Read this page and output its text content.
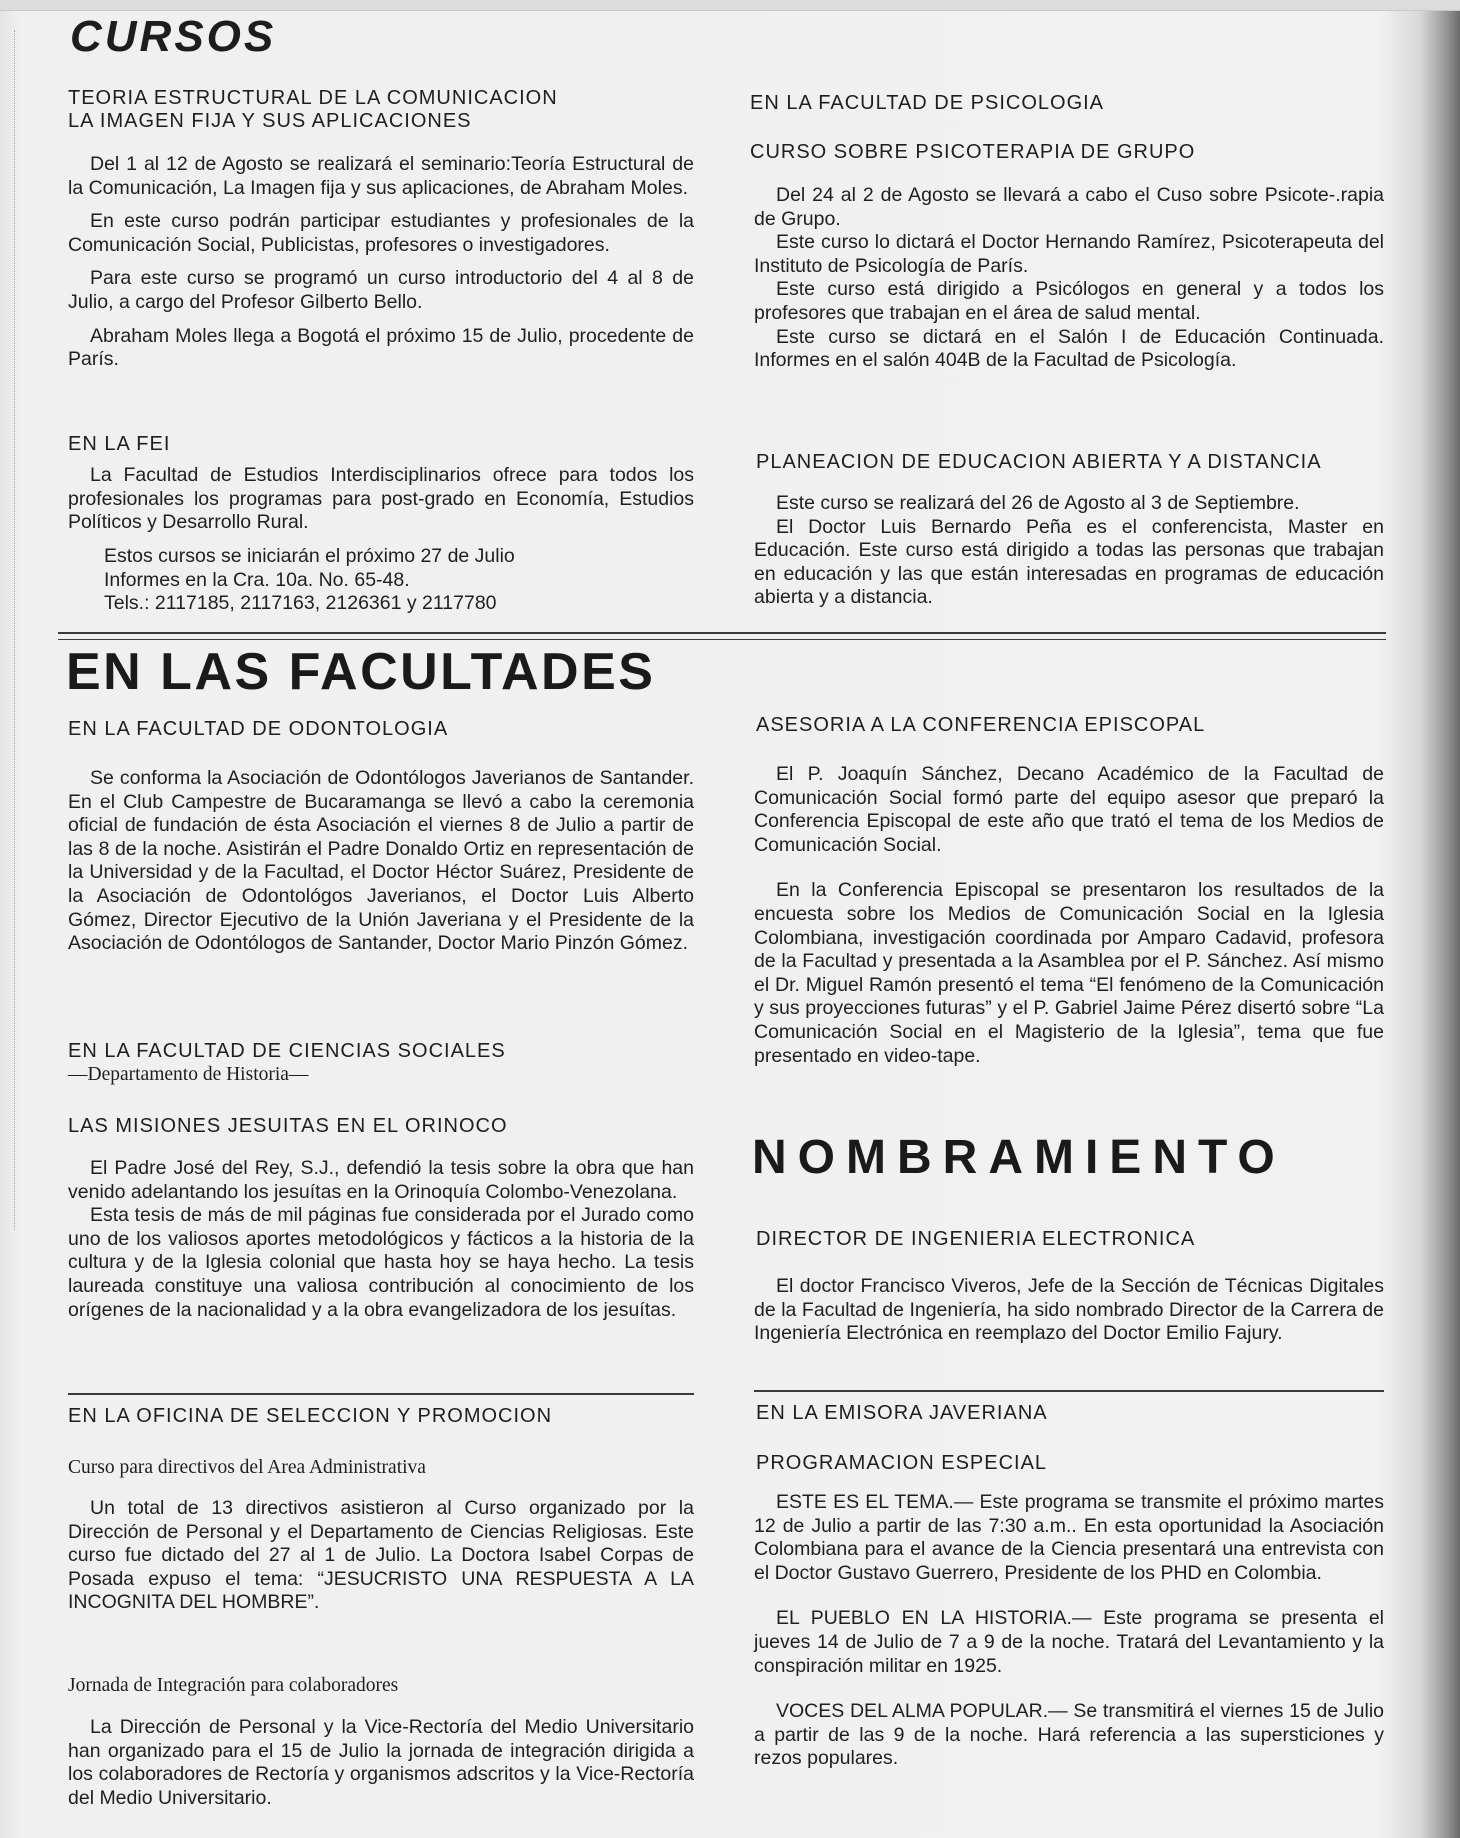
CURSOS
TEORIA ESTRUCTURAL DE LA COMUNICACION
LA IMAGEN FIJA Y SUS APLICACIONES

Del 1 al 12 de Agosto se realizará el seminario:Teoría Estructural de la Comunicación, La Imagen fija y sus aplicaciones, de Abraham Moles.

En este curso podrán participar estudiantes y profesionales de la Comunicación Social, Publicistas, profesores o investigadores.

Para este curso se programó un curso introductorio del 4 al 8 de Julio, a cargo del Profesor Gilberto Bello.

Abraham Moles llega a Bogotá el próximo 15 de Julio, procedente de París.

EN LA FEI

La Facultad de Estudios Interdisciplinarios ofrece para todos los profesionales los programas para post-grado en Economía, Estudios Políticos y Desarrollo Rural.

Estos cursos se iniciarán el próximo 27 de Julio

Informes en la Cra. 10a. No. 65-48.

Tels.: 2117185, 2117163, 2126361 y 2117780

EN LA FACULTAD DE PSICOLOGIA
CURSO SOBRE PSICOTERAPIA DE GRUPO

Del 24 al 2 de Agosto se llevará a cabo el Cuso sobre Psicote-.rapia de Grupo.

Este curso lo dictará el Doctor Hernando Ramírez, Psicoterapeuta del Instituto de Psicología de París.

Este curso está dirigido a Psicólogos en general y a todos los profesores que trabajan en el área de salud mental.

Este curso se dictará en el Salón I de Educación Continuada. Informes en el salón 404B de la Facultad de Psicología.

PLANEACION DE EDUCACION ABIERTA Y A DISTANCIA

Este curso se realizará del 26 de Agosto al 3 de Septiembre.

El Doctor Luis Bernardo Peña es el conferencista, Master en Educación. Este curso está dirigido a todas las personas que trabajan en educación y las que están interesadas en programas de educación abierta y a distancia.

EN LAS FACULTADES
EN LA FACULTAD DE ODONTOLOGIA

Se conforma la Asociación de Odontólogos Javerianos de Santander. En el Club Campestre de Bucaramanga se llevó a cabo la ceremonia oficial de fundación de ésta Asociación el viernes 8 de Julio a partir de las 8 de la noche. Asistirán el Padre Donaldo Ortiz en representación de la Universidad y de la Facultad, el Doctor Héctor Suárez, Presidente de la Asociación de Odontológos Javerianos, el Doctor Luis Alberto Gómez, Director Ejecutivo de la Unión Javeriana y el Presidente de la Asociación de Odontólogos de Santander, Doctor Mario Pinzón Gómez.

EN LA FACULTAD DE CIENCIAS SOCIALES
—Departamento de Historia—
LAS MISIONES JESUITAS EN EL ORINOCO

El Padre José del Rey, S.J., defendió la tesis sobre la obra que han venido adelantando los jesuítas en la Orinoquía Colombo-Venezolana.

Esta tesis de más de mil páginas fue considerada por el Jurado como uno de los valiosos aportes metodológicos y fácticos a la historia de la cultura y de la Iglesia colonial que hasta hoy se haya hecho. La tesis laureada constituye una valiosa contribución al conocimiento de los orígenes de la nacionalidad y a la obra evangelizadora de los jesuítas.

ASESORIA A LA CONFERENCIA EPISCOPAL

El P. Joaquín Sánchez, Decano Académico de la Facultad de Comunicación Social formó parte del equipo asesor que preparó la Conferencia Episcopal de este año que trató el tema de los Medios de Comunicación Social.

En la Conferencia Episcopal se presentaron los resultados de la encuesta sobre los Medios de Comunicación Social en la Iglesia Colombiana, investigación coordinada por Amparo Cadavid, profesora de la Facultad y presentada a la Asamblea por el P. Sánchez. Así mismo el Dr. Miguel Ramón presentó el tema “El fenómeno de la Comunicación y sus proyecciones futuras” y el P. Gabriel Jaime Pérez disertó sobre “La Comunicación Social en el Magisterio de la Iglesia”, tema que fue presentado en video-tape.

NOMBRAMIENTO
DIRECTOR DE INGENIERIA ELECTRONICA

El doctor Francisco Viveros, Jefe de la Sección de Técnicas Digitales de la Facultad de Ingeniería, ha sido nombrado Director de la Carrera de Ingeniería Electrónica en reemplazo del Doctor Emilio Fajury.

EN LA OFICINA DE SELECCION Y PROMOCION
Curso para directivos del Area Administrativa

Un total de 13 directivos asistieron al Curso organizado por la Dirección de Personal y el Departamento de Ciencias Religiosas. Este curso fue dictado del 27 al 1 de Julio. La Doctora Isabel Corpas de Posada expuso el tema: “JESUCRISTO UNA RESPUESTA A LA INCOGNITA DEL HOMBRE”.

Jornada de Integración para colaboradores

La Dirección de Personal y la Vice-Rectoría del Medio Universitario han organizado para el 15 de Julio la jornada de integración dirigida a los colaboradores de Rectoría y organismos adscritos y la Vice-Rectoría del Medio Universitario.

EN LA EMISORA JAVERIANA
PROGRAMACION ESPECIAL

ESTE ES EL TEMA.— Este programa se transmite el próximo martes 12 de Julio a partir de las 7:30 a.m.. En esta oportunidad la Asociación Colombiana para el avance de la Ciencia presentará una entrevista con el Doctor Gustavo Guerrero, Presidente de los PHD en Colombia.

EL PUEBLO EN LA HISTORIA.— Este programa se presenta el jueves 14 de Julio de 7 a 9 de la noche. Tratará del Levantamiento y la conspiración militar en 1925.

VOCES DEL ALMA POPULAR.— Se transmitirá el viernes 15 de Julio a partir de las 9 de la noche. Hará referencia a las supersticiones y rezos populares.
